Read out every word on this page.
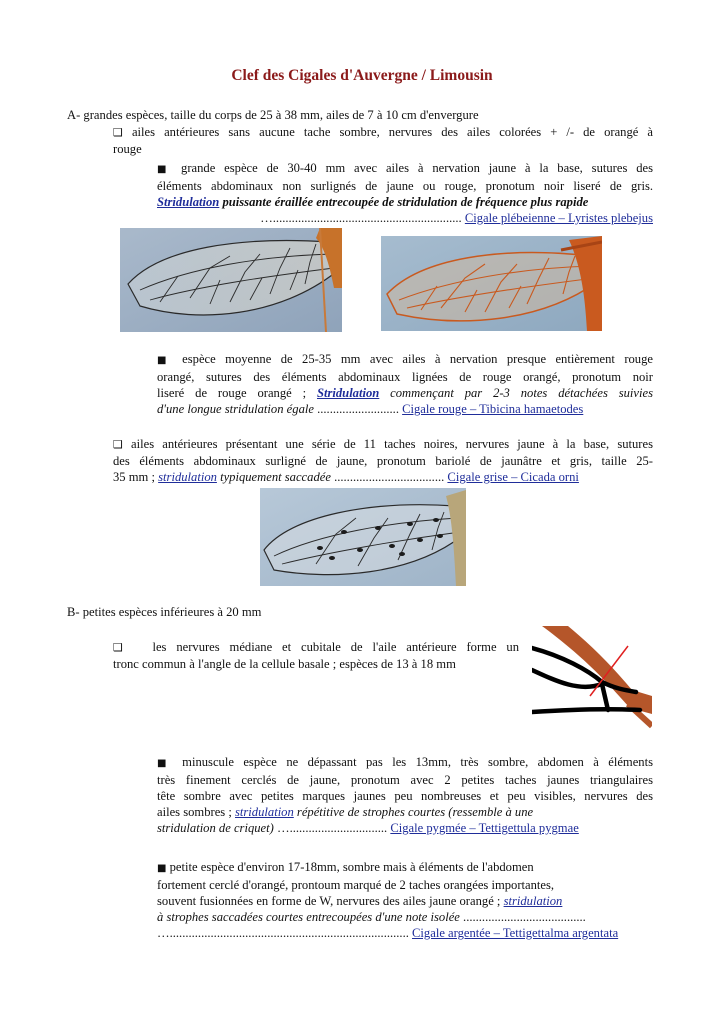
Clef des Cigales d'Auvergne / Limousin

A- grandes espèces, taille du corps de 25 à 38 mm, ailes de 7 à 10 cm d'envergure

❑ ailes antérieures sans aucune tache sombre, nervures des ailes colorées + /- de orangé à
rouge

■ grande espèce de 30-40 mm avec ailes à nervation jaune à la base, sutures des
éléments abdominaux non surlignés de jaune ou rouge, pronotum noir liseré de gris.
Stridulation puissante éraillée entrecoupée de stridulation de fréquence plus rapide
…............................................................ Cigale plébeienne – Lyristes plebejus

■ espèce moyenne de 25-35 mm avec ailes à nervation presque entièrement rouge
orangé, sutures des éléments abdominaux lignées de rouge orangé, pronotum noir
liseré de rouge orangé ; Stridulation commençant par 2-3 notes détachées suivies
d'une longue stridulation égale .......................... Cigale rouge – Tibicina hamaetodes

❑ ailes antérieures présentant une série de 11 taches noires, nervures jaune à la base, sutures
des éléments abdominaux surligné de jaune, pronotum bariolé de jaunâtre et gris, taille 25-
35 mm ; stridulation typiquement saccadée ................................... Cigale grise – Cicada orni

B- petites espèces inférieures à 20 mm

❑ les nervures médiane et cubitale de l'aile antérieure forme un
tronc commun à l'angle de la cellule basale ; espèces de 13 à 18 mm

■ minuscule espèce ne dépassant pas les 13mm, très sombre, abdomen à éléments
très finement cerclés de jaune, pronotum avec 2 petites taches jaunes triangulaires
tête sombre avec petites marques jaunes peu nombreuses et peu visibles, nervures des
ailes sombres ; stridulation répétitive de strophes courtes (ressemble à une
stridulation de criquet) …............................... Cigale pygmée – Tettigettula pygmae

■ petite espèce d'environ 17-18mm, sombre mais à éléments de l'abdomen
fortement cerclé d'orangé, prontoum marqué de 2 taches orangées importantes,
souvent fusionnées en forme de W, nervures des ailes jaune orangé ; stridulation
à strophes saccadées courtes entrecoupées d'une note isolée .......................................
…............................................................................ Cigale argentée – Tettigettalma argentata
